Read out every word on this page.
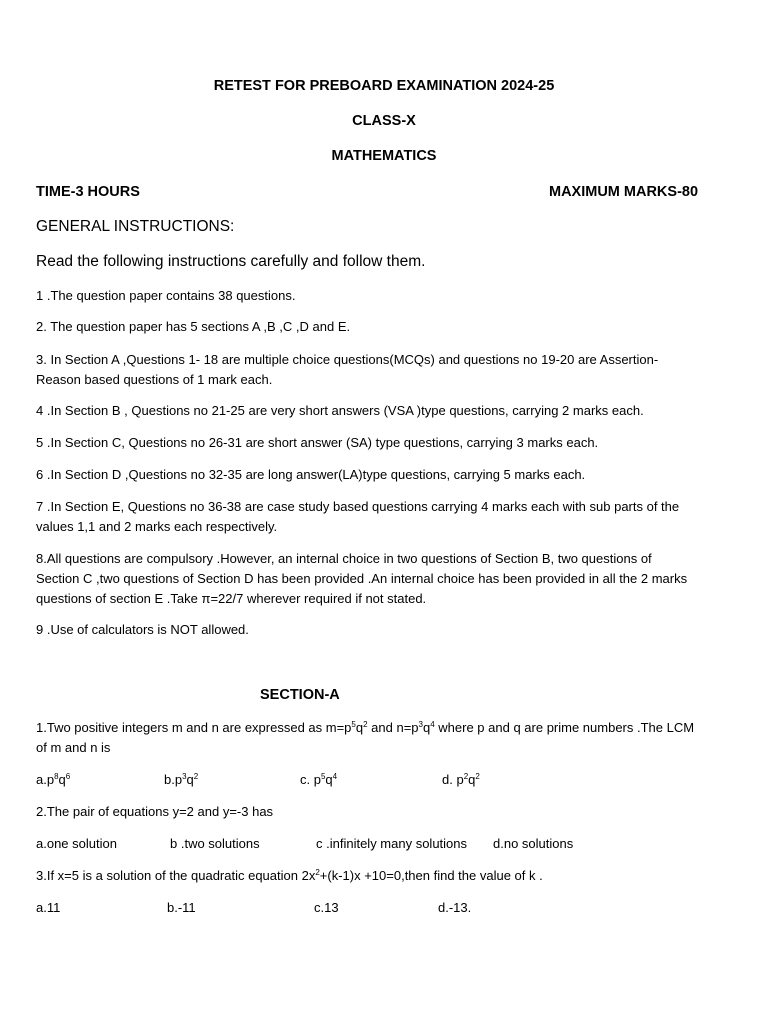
RETEST FOR PREBOARD EXAMINATION 2024-25
CLASS-X
MATHEMATICS
TIME-3 HOURS	MAXIMUM MARKS-80
GENERAL INSTRUCTIONS:
Read the following instructions carefully and follow them.
1 .The question paper contains 38 questions.
2. The question paper has 5 sections A ,B ,C ,D and E.
3. In Section A ,Questions 1- 18 are multiple choice questions(MCQs) and questions no 19-20 are Assertion-
Reason based questions of 1 mark each.
4 .In Section B , Questions no 21-25 are very short answers (VSA )type questions, carrying 2 marks each.
5 .In Section C, Questions no 26-31 are short answer (SA) type questions, carrying 3 marks each.
6 .In Section D ,Questions no 32-35 are long answer(LA)type questions, carrying 5 marks each.
7 .In Section E, Questions no 36-38 are case study based questions carrying 4 marks each with sub parts of the
values 1,1 and 2 marks each respectively.
8.All questions are compulsory .However, an internal choice in two questions of Section B, two questions of
Section C ,two questions of Section D has been provided .An internal choice has been provided in all the 2 marks
questions of section E .Take π=22/7 wherever required if not stated.
9 .Use of calculators is NOT allowed.
SECTION-A
1.Two positive integers m and n are expressed as $m=p^5q^2$ and $n=p^3q^4$ where p and q are prime numbers .The LCM
of m and n is
$a.p^8q^6$	$b.p^3q^2$	c. $p^5q^4$	d. $p^2q^2$
2.The pair of equations y=2 and y=-3 has
a.one solution	b .two solutions	c .infinitely many solutions d.no solutions
3.If x=5 is a solution of the quadratic equation $2x^2+(k-1)x$ +10=0,then find the value of k .
a.11	b.-11	c.13	d.-13.
